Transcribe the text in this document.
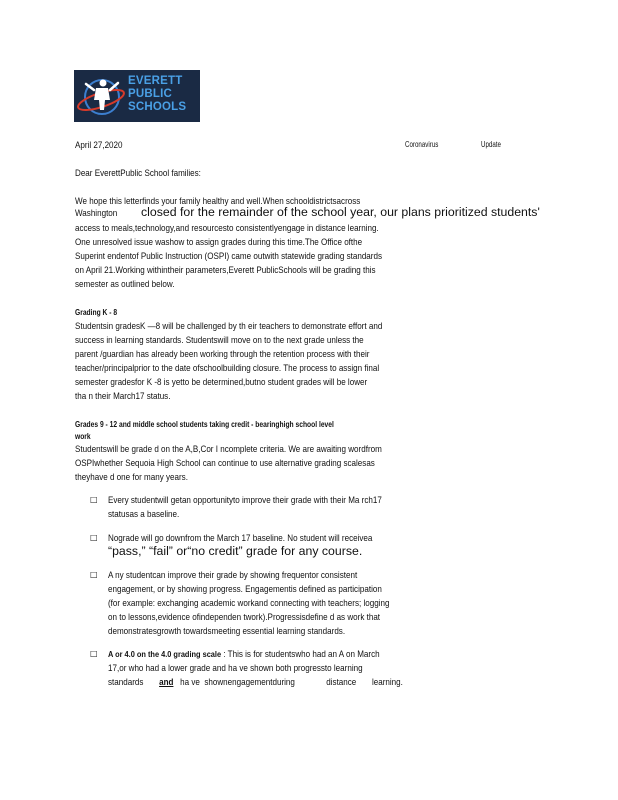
EVERETT
PUBLIC
SCHOOLS
April 27,2020	Coronavirus	Update
Dear EverettPublic School families:
We hope this letterfinds your family healthy and well.When schooldistrictsacross
Washington closed for the remainder of the school year, our plans prioritized students'
access to meals,technology,and resourcesto consistentlyengage in distance learning.
One unresolved issue washow to assign grades during this time.The Office ofthe
Superint endentof Public Instruction (OSPI) came outwith statewide grading standards
on April 21.Working withintheir parameters,Everett PublicSchools will be grading this
semester as outlined below.
Grading K - 8
Studentsin gradesK —8 will be challenged by th eir teachers to demonstrate effort and
success in learning standards. Studentswill move on to the next grade unless the
parent /guardian has already been working through the retention process with their
teacher/principalprior to the date ofschoolbuilding closure. The process to assign final
semester gradesfor K -8 is yetto be determined,butno student grades will be lower
tha n their March17 status.
Grades 9 - 12 and middle school students taking credit - bearinghigh school level
work
Studentswill be grade d on the A,B,Cor I ncomplete criteria. We are awaiting wordfrom
OSPIwhether Sequoia High School can continue to use alternative grading scalesas
theyhave d one for many years.
□ Every studentwill getan opportunityto improve their grade with their Ma rch17
statusas a baseline.
□ Nograde will go downfrom the March 17 baseline. No student will receivea
“pass,” “fail” or“no credit” grade for any course.
□ A ny studentcan improve their grade by showing frequentor consistent
engagement, or by showing progress. Engagementis defined as participation
(for example: exchanging academic workand connecting with teachers; logging
on to lessons,evidence ofindependen twork).Progressisdefine d as work that
demonstratesgrowth towardsmeeting essential learning standards.
□ A or 4.0 on the 4.0 grading scale : This is for studentswho had an A on March
17,or who had a lower grade and ha ve shown both progressto learning
standards       and   ha ve  shownengagementduring              distance       learning.
